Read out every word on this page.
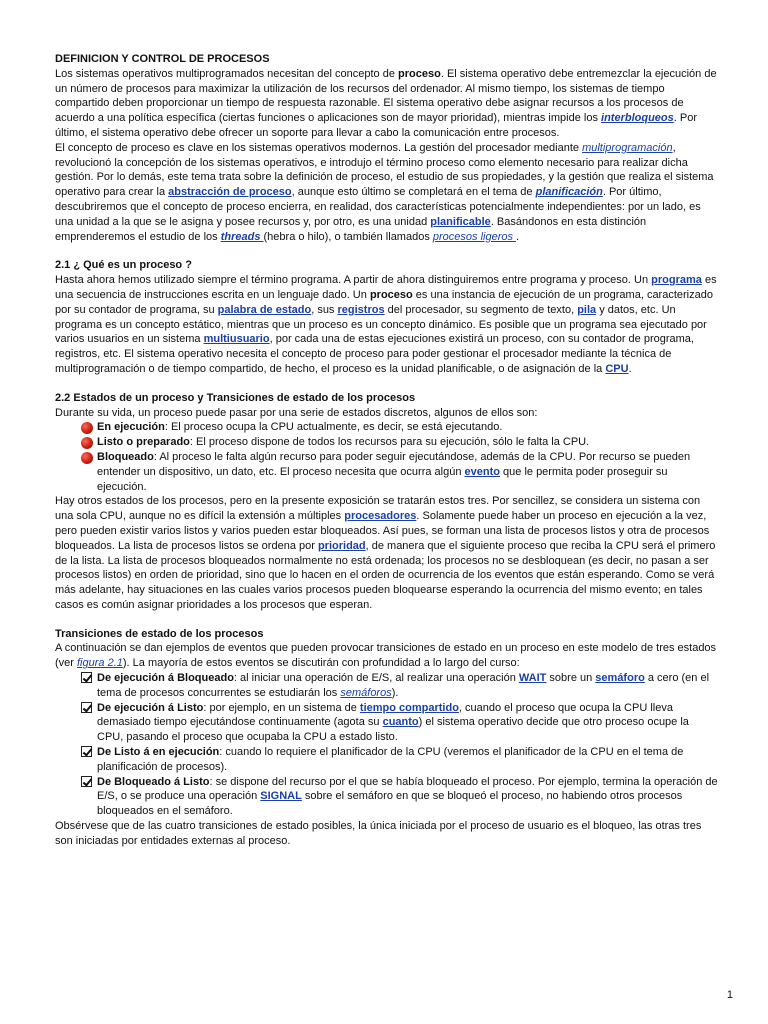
DEFINICION Y CONTROL DE PROCESOS

Los sistemas operativos multiprogramados necesitan del concepto de proceso. El sistema operativo debe entremezclar la ejecución de un número de procesos para maximizar la utilización de los recursos del ordenador. Al mismo tiempo, los sistemas de tiempo compartido deben proporcionar un tiempo de respuesta razonable. El sistema operativo debe asignar recursos a los procesos de acuerdo a una política específica (ciertas funciones o aplicaciones son de mayor prioridad), mientras impide los interbloqueos. Por último, el sistema operativo debe ofrecer un soporte para llevar a cabo la comunicación entre procesos.

El concepto de proceso es clave en los sistemas operativos modernos. La gestión del procesador mediante multiprogramación, revolucionó la concepción de los sistemas operativos, e introdujo el término proceso como elemento necesario para realizar dicha gestión. Por lo demás, este tema trata sobre la definición de proceso, el estudio de sus propiedades, y la gestión que realiza el sistema operativo para crear la abstracción de proceso, aunque esto último se completará en el tema de planificación. Por último, descubriremos que el concepto de proceso encierra, en realidad, dos características potencialmente independientes: por un lado, es una unidad a la que se le asigna y posee recursos y, por otro, es una unidad planificable. Basándonos en esta distinción emprenderemos el estudio de los threads (hebra o hilo), o también llamados procesos ligeros .

2.1 ¿ Qué es un proceso ?

Hasta ahora hemos utilizado siempre el término programa. A partir de ahora distinguiremos entre programa y proceso. Un programa es una secuencia de instrucciones escrita en un lenguaje dado. Un proceso es una instancia de ejecución de un programa, caracterizado por su contador de programa, su palabra de estado, sus registros del procesador, su segmento de texto, pila y datos, etc. Un programa es un concepto estático, mientras que un proceso es un concepto dinámico. Es posible que un programa sea ejecutado por varios usuarios en un sistema multiusuario, por cada una de estas ejecuciones existirá un proceso, con su contador de programa, registros, etc. El sistema operativo necesita el concepto de proceso para poder gestionar el procesador mediante la técnica de multiprogramación o de tiempo compartido, de hecho, el proceso es la unidad planificable, o de asignación de la CPU.

2.2 Estados de un proceso y Transiciones de estado de los procesos

Durante su vida, un proceso puede pasar por una serie de estados discretos, algunos de ellos son:

En ejecución: El proceso ocupa la CPU actualmente, es decir, se está ejecutando.
Listo o preparado: El proceso dispone de todos los recursos para su ejecución, sólo le falta la CPU.
Bloqueado: Al proceso le falta algún recurso para poder seguir ejecutándose, además de la CPU. Por recurso se pueden entender un dispositivo, un dato, etc. El proceso necesita que ocurra algún evento que le permita poder proseguir su ejecución.

Hay otros estados de los procesos, pero en la presente exposición se tratarán estos tres. Por sencillez, se considera un sistema con una sola CPU, aunque no es difícil la extensión a múltiples procesadores. Solamente puede haber un proceso en ejecución a la vez, pero pueden existir varios listos y varios pueden estar bloqueados. Así pues, se forman una lista de procesos listos y otra de procesos bloqueados. La lista de procesos listos se ordena por prioridad, de manera que el siguiente proceso que reciba la CPU será el primero de la lista. La lista de procesos bloqueados normalmente no está ordenada; los procesos no se desbloquean (es decir, no pasan a ser procesos listos) en orden de prioridad, sino que lo hacen en el orden de ocurrencia de los eventos que están esperando. Como se verá más adelante, hay situaciones en las cuales varios procesos pueden bloquearse esperando la ocurrencia del mismo evento; en tales casos es común asignar prioridades a los procesos que esperan.

Transiciones de estado de los procesos

A continuación se dan ejemplos de eventos que pueden provocar transiciones de estado en un proceso en este modelo de tres estados (ver figura 2.1). La mayoría de estos eventos se discutirán con profundidad a lo largo del curso:

De ejecución á Bloqueado: al iniciar una operación de E/S, al realizar una operación WAIT sobre un semáforo a cero (en el tema de procesos concurrentes se estudiarán los semáforos).
De ejecución á Listo: por ejemplo, en un sistema de tiempo compartido, cuando el proceso que ocupa la CPU lleva demasiado tiempo ejecutándose continuamente (agota su cuanto) el sistema operativo decide que otro proceso ocupe la CPU, pasando el proceso que ocupaba la CPU a estado listo.
De Listo á en ejecución: cuando lo requiere el planificador de la CPU (veremos el planificador de la CPU en el tema de planificación de procesos).
De Bloqueado á Listo: se dispone del recurso por el que se había bloqueado el proceso. Por ejemplo, termina la operación de E/S, o se produce una operación SIGNAL sobre el semáforo en que se bloqueó el proceso, no habiendo otros procesos bloqueados en el semáforo.

Obsérvese que de las cuatro transiciones de estado posibles, la única iniciada por el proceso de usuario es el bloqueo, las otras tres son iniciadas por entidades externas al proceso.

1
